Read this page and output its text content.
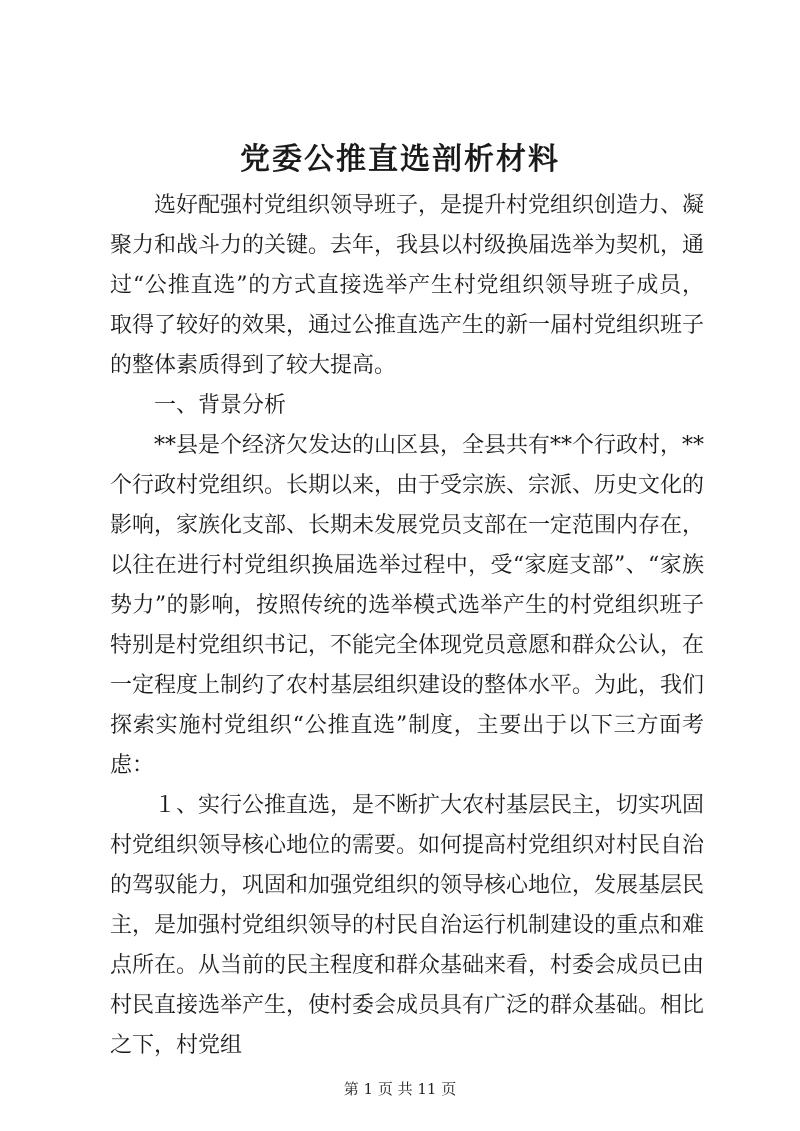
党委公推直选剖析材料

选好配强村党组织领导班子，是提升村党组织创造力、凝聚力和战斗力的关键。去年，我县以村级换届选举为契机，通过“公推直选”的方式直接选举产生村党组织领导班子成员，取得了较好的效果，通过公推直选产生的新一届村党组织班子的整体素质得到了较大提高。

一、背景分析

**县是个经济欠发达的山区县，全县共有**个行政村，**个行政村党组织。长期以来，由于受宗族、宗派、历史文化的影响，家族化支部、长期未发展党员支部在一定范围内存在，以往在进行村党组织换届选举过程中，受“家庭支部”、“家族势力”的影响，按照传统的选举模式选举产生的村党组织班子特别是村党组织书记，不能完全体现党员意愿和群众公认，在一定程度上制约了农村基层组织建设的整体水平。为此，我们探索实施村党组织“公推直选”制度，主要出于以下三方面考虑：

１、实行公推直选，是不断扩大农村基层民主，切实巩固村党组织领导核心地位的需要。如何提高村党组织对村民自治的驾驭能力，巩固和加强党组织的领导核心地位，发展基层民主，是加强村党组织领导的村民自治运行机制建设的重点和难点所在。从当前的民主程度和群众基础来看，村委会成员已由村民直接选举产生，使村委会成员具有广泛的群众基础。相比之下，村党组

第 1 页 共 11 页
